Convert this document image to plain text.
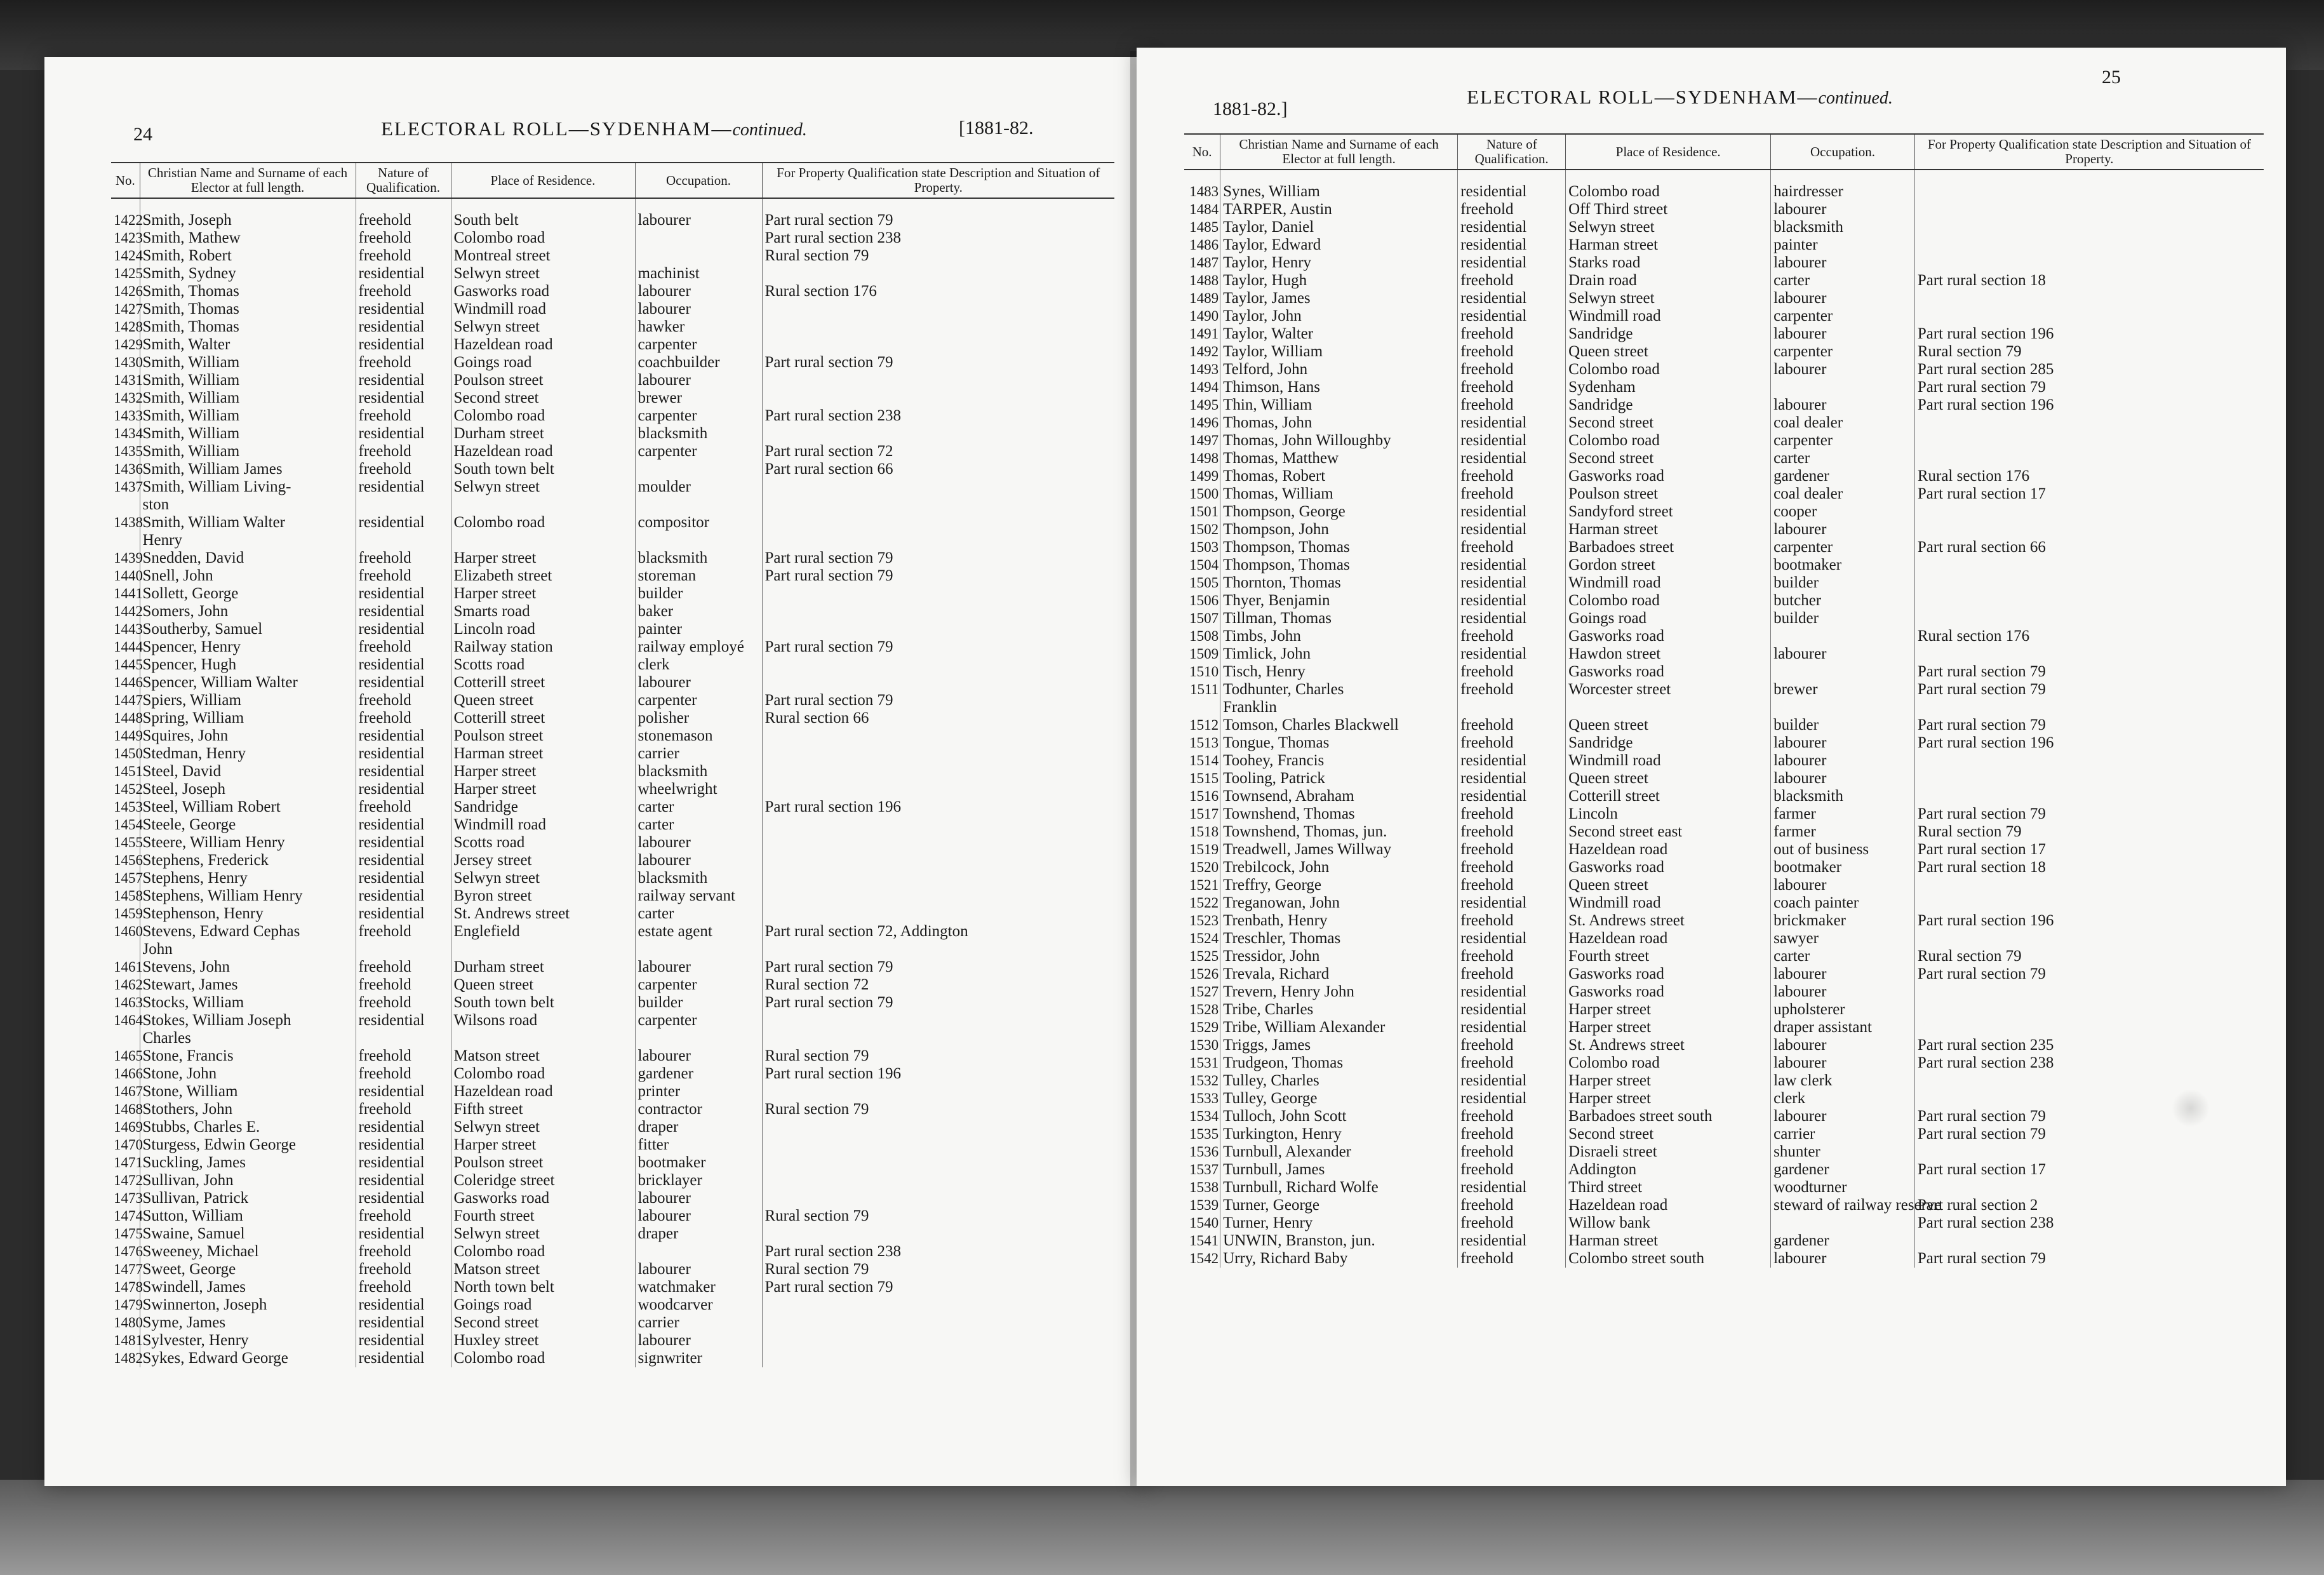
24	ELECTORAL ROLL—SYDENHAM—continued.	[1881-82.
No.	Christian Name and Surname of each Elector at full length.	Nature of Qualification.	Place of Residence.	Occupation.	For Property Qualification state Description and Situation of Property.
1422	Smith, Joseph	freehold	South belt	labourer	Part rural section 79
1423	Smith, Mathew	freehold	Colombo road		Part rural section 238
1424	Smith, Robert	freehold	Montreal street		Rural section 79
1425	Smith, Sydney	residential	Selwyn street	machinist	
1426	Smith, Thomas	freehold	Gasworks road	labourer	Rural section 176
1427	Smith, Thomas	residential	Windmill road	labourer	
1428	Smith, Thomas	residential	Selwyn street	hawker	
1429	Smith, Walter	residential	Hazeldean road	carpenter	
1430	Smith, William	freehold	Goings road	coachbuilder	Part rural section 79
1431	Smith, William	residential	Poulson street	labourer	
1432	Smith, William	residential	Second street	brewer	
1433	Smith, William	freehold	Colombo road	carpenter	Part rural section 238
1434	Smith, William	residential	Durham street	blacksmith	
1435	Smith, William	freehold	Hazeldean road	carpenter	Part rural section 72
1436	Smith, William James	freehold	South town belt		Part rural section 66
1437	Smith, William Living-	residential	Selwyn street	moulder	
	ston				
1438	Smith, William Walter	residential	Colombo road	compositor	
	Henry				
1439	Snedden, David	freehold	Harper street	blacksmith	Part rural section 79
1440	Snell, John	freehold	Elizabeth street	storeman	Part rural section 79
1441	Sollett, George	residential	Harper street	builder	
1442	Somers, John	residential	Smarts road	baker	
1443	Southerby, Samuel	residential	Lincoln road	painter	
1444	Spencer, Henry	freehold	Railway station	railway employé	Part rural section 79
1445	Spencer, Hugh	residential	Scotts road	clerk	
1446	Spencer, William Walter	residential	Cotterill street	labourer	
1447	Spiers, William	freehold	Queen street	carpenter	Part rural section 79
1448	Spring, William	freehold	Cotterill street	polisher	Rural section 66
1449	Squires, John	residential	Poulson street	stonemason	
1450	Stedman, Henry	residential	Harman street	carrier	
1451	Steel, David	residential	Harper street	blacksmith	
1452	Steel, Joseph	residential	Harper street	wheelwright	
1453	Steel, William Robert	freehold	Sandridge	carter	Part rural section 196
1454	Steele, George	residential	Windmill road	carter	
1455	Steere, William Henry	residential	Scotts road	labourer	
1456	Stephens, Frederick	residential	Jersey street	labourer	
1457	Stephens, Henry	residential	Selwyn street	blacksmith	
1458	Stephens, William Henry	residential	Byron street	railway servant	
1459	Stephenson, Henry	residential	St. Andrews street	carter	
1460	Stevens, Edward Cephas	freehold	Englefield	estate agent	Part rural section 72, Addington
	John				
1461	Stevens, John	freehold	Durham street	labourer	Part rural section 79
1462	Stewart, James	freehold	Queen street	carpenter	Rural section 72
1463	Stocks, William	freehold	South town belt	builder	Part rural section 79
1464	Stokes, William Joseph	residential	Wilsons road	carpenter	
	Charles				
1465	Stone, Francis	freehold	Matson street	labourer	Rural section 79
1466	Stone, John	freehold	Colombo road	gardener	Part rural section 196
1467	Stone, William	residential	Hazeldean road	printer	
1468	Stothers, John	freehold	Fifth street	contractor	Rural section 79
1469	Stubbs, Charles E.	residential	Selwyn street	draper	
1470	Sturgess, Edwin George	residential	Harper street	fitter	
1471	Suckling, James	residential	Poulson street	bootmaker	
1472	Sullivan, John	residential	Coleridge street	bricklayer	
1473	Sullivan, Patrick	residential	Gasworks road	labourer	
1474	Sutton, William	freehold	Fourth street	labourer	Rural section 79
1475	Swaine, Samuel	residential	Selwyn street	draper	
1476	Sweeney, Michael	freehold	Colombo road		Part rural section 238
1477	Sweet, George	freehold	Matson street	labourer	Rural section 79
1478	Swindell, James	freehold	North town belt	watchmaker	Part rural section 79
1479	Swinnerton, Joseph	residential	Goings road	woodcarver	
1480	Syme, James	residential	Second street	carrier	
1481	Sylvester, Henry	residential	Huxley street	labourer	
1482	Sykes, Edward George	residential	Colombo road	signwriter	
1881-82.]
ELECTORAL ROLL—SYDENHAM—continued.
25
No.	Christian Name and Surname of each Elector at full length.	Nature of Qualification.	Place of Residence.	Occupation.	For Property Qualification state Description and Situation of Property.
1483	Synes, William	residential	Colombo road	hairdresser	
1484	TARPER, Austin	freehold	Off Third street	labourer	
1485	Taylor, Daniel	residential	Selwyn street	blacksmith	
1486	Taylor, Edward	residential	Harman street	painter	
1487	Taylor, Henry	residential	Starks road	labourer	
1488	Taylor, Hugh	freehold	Drain road	carter	Part rural section 18
1489	Taylor, James	residential	Selwyn street	labourer	
1490	Taylor, John	residential	Windmill road	carpenter	
1491	Taylor, Walter	freehold	Sandridge	labourer	Part rural section 196
1492	Taylor, William	freehold	Queen street	carpenter	Rural section 79
1493	Telford, John	freehold	Colombo road	labourer	Part rural section 285
1494	Thimson, Hans	freehold	Sydenham		Part rural section 79
1495	Thin, William	freehold	Sandridge	labourer	Part rural section 196
1496	Thomas, John	residential	Second street	coal dealer	
1497	Thomas, John Willoughby	residential	Colombo road	carpenter	
1498	Thomas, Matthew	residential	Second street	carter	
1499	Thomas, Robert	freehold	Gasworks road	gardener	Rural section 176
1500	Thomas, William	freehold	Poulson street	coal dealer	Part rural section 17
1501	Thompson, George	residential	Sandyford street	cooper	
1502	Thompson, John	residential	Harman street	labourer	
1503	Thompson, Thomas	freehold	Barbadoes street	carpenter	Part rural section 66
1504	Thompson, Thomas	residential	Gordon street	bootmaker	
1505	Thornton, Thomas	residential	Windmill road	builder	
1506	Thyer, Benjamin	residential	Colombo road	butcher	
1507	Tillman, Thomas	residential	Goings road	builder	
1508	Timbs, John	freehold	Gasworks road		Rural section 176
1509	Timlick, John	residential	Hawdon street	labourer	
1510	Tisch, Henry	freehold	Gasworks road		Part rural section 79
1511	Todhunter, Charles	freehold	Worcester street	brewer	Part rural section 79
	Franklin				
1512	Tomson, Charles Blackwell	freehold	Queen street	builder	Part rural section 79
1513	Tongue, Thomas	freehold	Sandridge	labourer	Part rural section 196
1514	Toohey, Francis	residential	Windmill road	labourer	
1515	Tooling, Patrick	residential	Queen street	labourer	
1516	Townsend, Abraham	residential	Cotterill street	blacksmith	
1517	Townshend, Thomas	freehold	Lincoln	farmer	Part rural section 79
1518	Townshend, Thomas, jun.	freehold	Second street east	farmer	Rural section 79
1519	Treadwell, James Willway	freehold	Hazeldean road	out of business	Part rural section 17
1520	Trebilcock, John	freehold	Gasworks road	bootmaker	Part rural section 18
1521	Treffry, George	freehold	Queen street	labourer	
1522	Treganowan, John	residential	Windmill road	coach painter	
1523	Trenbath, Henry	freehold	St. Andrews street	brickmaker	Part rural section 196
1524	Treschler, Thomas	residential	Hazeldean road	sawyer	
1525	Tressidor, John	freehold	Fourth street	carter	Rural section 79
1526	Trevala, Richard	freehold	Gasworks road	labourer	Part rural section 79
1527	Trevern, Henry John	residential	Gasworks road	labourer	
1528	Tribe, Charles	residential	Harper street	upholsterer	
1529	Tribe, William Alexander	residential	Harper street	draper assistant	
1530	Triggs, James	freehold	St. Andrews street	labourer	Part rural section 235
1531	Trudgeon, Thomas	freehold	Colombo road	labourer	Part rural section 238
1532	Tulley, Charles	residential	Harper street	law clerk	
1533	Tulley, George	residential	Harper street	clerk	
1534	Tulloch, John Scott	freehold	Barbadoes street south	labourer	Part rural section 79
1535	Turkington, Henry	freehold	Second street	carrier	Part rural section 79
1536	Turnbull, Alexander	freehold	Disraeli street	shunter	
1537	Turnbull, James	freehold	Addington	gardener	Part rural section 17
1538	Turnbull, Richard Wolfe	residential	Third street	woodturner	
1539	Turner, George	freehold	Hazeldean road	steward of railway reserve	Part rural section 2
1540	Turner, Henry	freehold	Willow bank		Part rural section 238
1541	UNWIN, Branston, jun.	residential	Harman street	gardener	
1542	Urry, Richard Baby	freehold	Colombo street south	labourer	Part rural section 79
